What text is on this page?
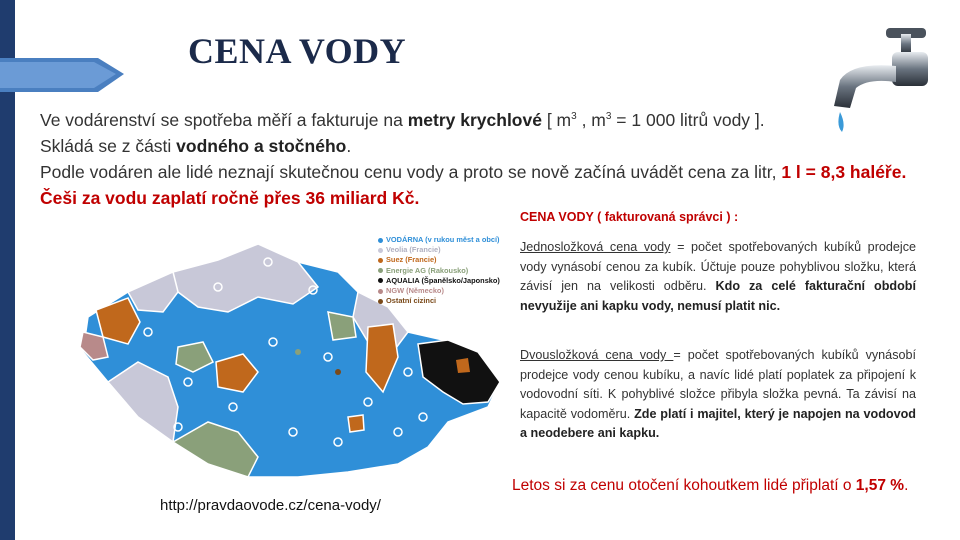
CENA VODY
Ve vodárenství se spotřeba měří a fakturuje na metry krychlové [ $m^3$ , $m^3 = 1$ 000 litrů vody ].
Skládá se z části vodného a stočného.
Podle vodáren ale lidé neznají skutečnou cenu vody a proto se nově začíná uvádět cena za litr, 1 l = 8,3 haléře.
Češi za vodu zaplatí ročně přes 36 miliard Kč.
VODÁRNA (v rukou měst a obcí)
Veolia (Francie)
Suez (Francie)
Energie AG (Rakousko)
AQUALIA (Španělsko/Japonsko)
NGW (Německo)
Ostatní cizinci
http://pravdaovode.cz/cena-vody/
CENA VODY ( fakturovaná správci ) :
Jednosložková cena vody = počet spotřebovaných kubíků prodejce vody vynásobí cenou za kubík. Účtuje pouze pohyblivou složku, která závisí jen na velikosti odběru. Kdo za celé fakturační období nevyužije ani kapku vody, nemusí platit nic.
Dvousložková cena vody = počet spotřebovaných kubíků vynásobí prodejce vody cenou kubíku, a navíc lidé platí poplatek za připojení k vodovodní síti. K pohyblivé složce přibyla složka pevná. Ta závisí na kapacitě vodoměru. Zde platí i majitel, který je napojen na vodovod a neodebere ani kapku.
Letos si za cenu otočení kohoutkem lidé připlatí o 1,57 %.
